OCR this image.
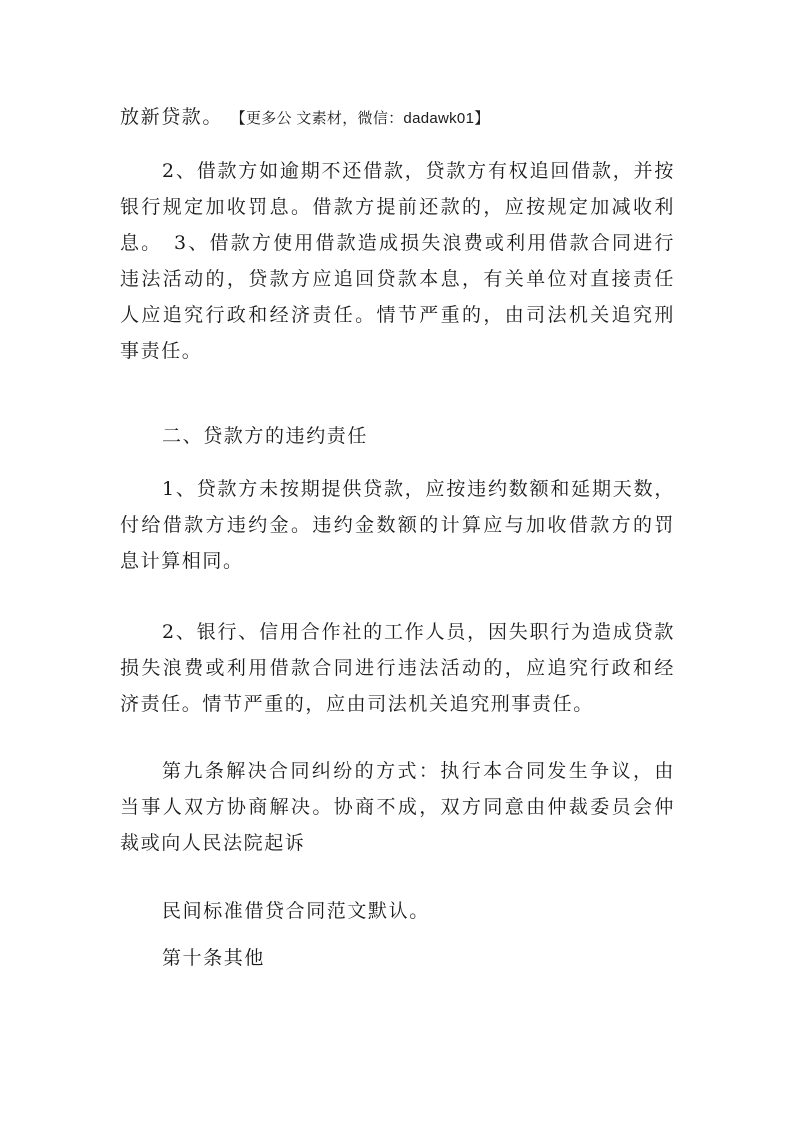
放新贷款。 【更多公 文素材，微信：dadawk01】

2、借款方如逾期不还借款，贷款方有权追回借款，并按银行规定加收罚息。借款方提前还款的，应按规定加减收利息。　3、借款方使用借款造成损失浪费或利用借款合同进行违法活动的，贷款方应追回贷款本息，有关单位对直接责任人应追究行政和经济责任。情节严重的，由司法机关追究刑事责任。

二、贷款方的违约责任

1、贷款方未按期提供贷款，应按违约数额和延期天数，付给借款方违约金。违约金数额的计算应与加收借款方的罚息计算相同。

2、银行、信用合作社的工作人员，因失职行为造成贷款损失浪费或利用借款合同进行违法活动的，应追究行政和经济责任。情节严重的，应由司法机关追究刑事责任。

第九条解决合同纠纷的方式：执行本合同发生争议，由当事人双方协商解决。协商不成，双方同意由仲裁委员会仲裁或向人民法院起诉

民间标准借贷合同范文默认。

第十条其他
